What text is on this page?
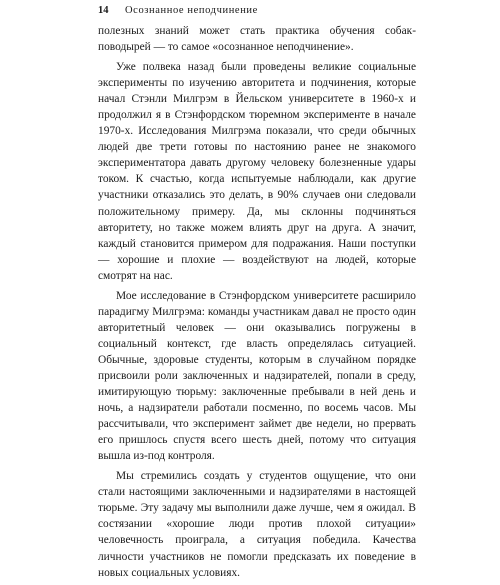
14 Осознанное неподчинение

полезных знаний может стать практика обучения собак-поводырей — то самое «осознанное неподчинение».

Уже полвека назад были проведены великие социальные эксперименты по изучению авторитета и подчинения, которые начал Стэнли Милгрэм в Йельском университете в 1960-х и продолжил я в Стэнфордском тюремном эксперименте в начале 1970-х. Исследования Милгрэма показали, что среди обычных людей две трети готовы по настоянию ранее не знакомого экспериментатора давать другому человеку болезненные удары током. К счастью, когда испытуемые наблюдали, как другие участники отказались это делать, в 90% случаев они следовали положительному примеру. Да, мы склонны подчиняться авторитету, но также можем влиять друг на друга. А значит, каждый становится примером для подражания. Наши поступки — хорошие и плохие — воздействуют на людей, которые смотрят на нас.

Мое исследование в Стэнфордском университете расширило парадигму Милгрэма: команды участникам давал не просто один авторитетный человек — они оказывались погружены в социальный контекст, где власть определялась ситуацией. Обычные, здоровые студенты, которым в случайном порядке присвоили роли заключенных и надзирателей, попали в среду, имитирующую тюрьму: заключенные пребывали в ней день и ночь, а надзиратели работали посменно, по восемь часов. Мы рассчитывали, что эксперимент займет две недели, но прервать его пришлось спустя всего шесть дней, потому что ситуация вышла из-под контроля.

Мы стремились создать у студентов ощущение, что они стали настоящими заключенными и надзирателями в настоящей тюрьме. Эту задачу мы выполнили даже лучше, чем я ожидал. В состязании «хорошие люди против плохой ситуации» человечность проиграла, а ситуация победила. Качества личности участников не помогли предсказать их поведение в новых социальных условиях.
